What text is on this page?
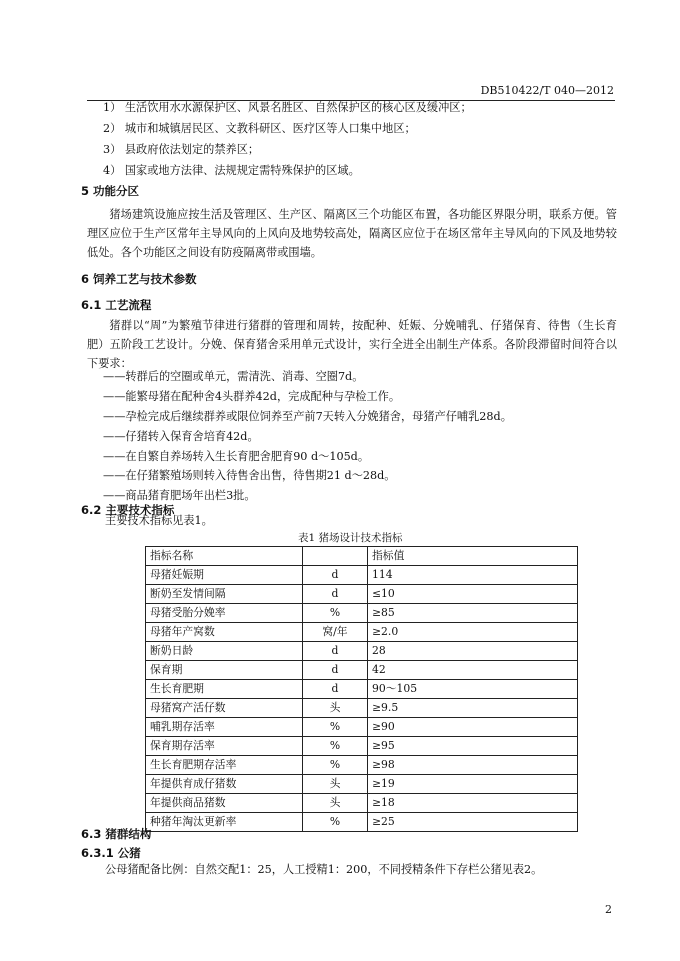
DB510422/T 040—2012
1） 生活饮用水水源保护区、风景名胜区、自然保护区的核心区及缓冲区；
2） 城市和城镇居民区、文教科研区、医疗区等人口集中地区；
3） 县政府依法划定的禁养区；
4） 国家或地方法律、法规规定需特殊保护的区域。
5 功能分区
猪场建筑设施应按生活及管理区、生产区、隔离区三个功能区布置，各功能区界限分明，联系方便。管理区应位于生产区常年主导风向的上风向及地势较高处，隔离区应位于在场区常年主导风向的下风及地势较低处。各个功能区之间设有防疫隔离带或围墙。
6 饲养工艺与技术参数
6.1 工艺流程
猪群以“周”为繁殖节律进行猪群的管理和周转，按配种、妊娠、分娩哺乳、仔猪保育、待售（生长育肥）五阶段工艺设计。分娩、保育猪舍采用单元式设计，实行全进全出制生产体系。各阶段滞留时间符合以下要求：
——转群后的空圈或单元，需清洗、消毒、空圈7d。
——能繁母猪在配种舍4头群养42d，完成配种与孕检工作。
——孕检完成后继续群养或限位饲养至产前7天转入分娩猪舍，母猪产仔哺乳28d。
——仔猪转入保育舍培育42d。
——在自繁自养场转入生长育肥舍肥育90 d～105d。
——在仔猪繁殖场则转入待售舍出售，待售期21 d～28d。
——商品猪育肥场年出栏3批。
6.2 主要技术指标
主要技术指标见表1。
表1 猪场设计技术指标
指标名称		指标值
母猪妊娠期	d	114
断奶至发情间隔	d	≤10
母猪受胎分娩率	%	≥85
母猪年产窝数	窝/年	≥2.0
断奶日龄	d	28
保育期	d	42
生长育肥期	d	90～105
母猪窝产活仔数	头	≥9.5
哺乳期存活率	%	≥90
保育期存活率	%	≥95
生长育肥期存活率	%	≥98
年提供育成仔猪数	头	≥19
年提供商品猪数	头	≥18
种猪年淘汰更新率	%	≥25
6.3 猪群结构
6.3.1 公猪
公母猪配备比例：自然交配1：25，人工授精1：200，不同授精条件下存栏公猪见表2。
2
